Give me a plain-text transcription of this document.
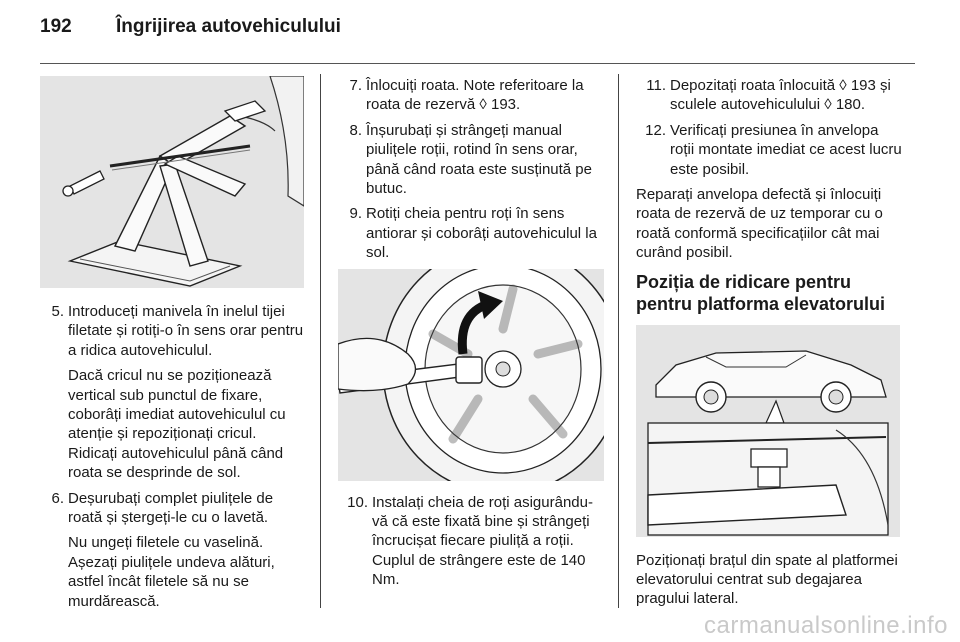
192	Îngrijirea autovehiculului
5. Introduceți manivela în inelul tijei filetate și rotiți-o în sens orar pentru a ridica autovehiculul.
Dacă cricul nu se poziționează vertical sub punctul de fixare, coborâți imediat autovehiculul cu atenție și repoziționați cricul. Ridicați autovehiculul până când roata se desprinde de sol.
6. Deșurubați complet piulițele de roată și ștergeți-le cu o lavetă.
Nu ungeți filetele cu vaselină. Așezați piulițele undeva alături, astfel încât filetele să nu se murdărească.
7. Înlocuiți roata. Note referitoare la roata de rezervă ◊ 193.
8. Înșurubați și strângeți manual piulițele roții, rotind în sens orar, până când roata este susținută pe butuc.
9. Rotiți cheia pentru roți în sens antiorar și coborâți autovehiculul la sol.
10. Instalați cheia de roți asigurându-vă că este fixată bine și strângeți încrucișat fiecare piuliță a roții. Cuplul de strângere este de 140 Nm.
11. Depozitați roata înlocuită ◊ 193 și sculele autovehiculului ◊ 180.
12. Verificați presiunea în anvelopa roții montate imediat ce acest lucru este posibil.

Reparați anvelopa defectă și înlocuiți roata de rezervă de uz temporar cu o roată conformă specificațiilor cât mai curând posibil.

Poziția de ridicare pentru pentru platforma elevatorului

Poziționați brațul din spate al platformei elevatorului centrat sub degajarea pragului lateral.

carmanualsonline.info
